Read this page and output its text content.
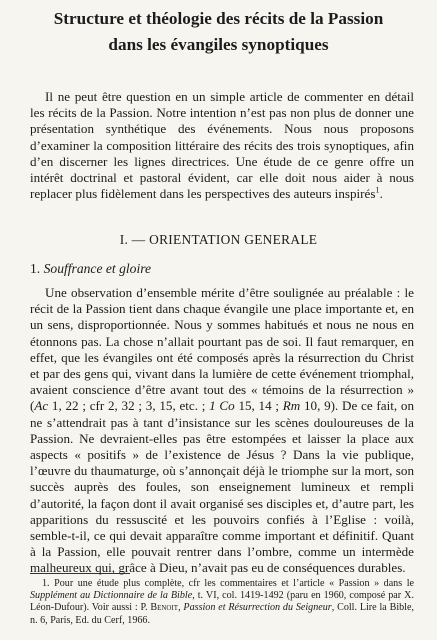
Structure et théologie des récits de la Passion
dans les évangiles synoptiques

Il ne peut être question en un simple article de commenter en détail les récits de la Passion. Notre intention n’est pas non plus de donner une présentation synthétique des événements. Nous nous proposons d’examiner la composition littéraire des récits des trois synoptiques, afin d’en discerner les lignes directrices. Une étude de ce genre offre un intérêt doctrinal et pastoral évident, car elle doit nous aider à nous replacer plus fidèlement dans les perspectives des auteurs inspirés$^1$.

I. — ORIENTATION GENERALE
1. Souffrance et gloire

Une observation d’ensemble mérite d’être soulignée au préalable : le récit de la Passion tient dans chaque évangile une place importante et, en un sens, disproportionnée. Nous y sommes habitués et nous ne nous en étonnons pas. La chose n’allait pourtant pas de soi. Il faut remarquer, en effet, que les évangiles ont été composés après la résurrection du Christ et par des gens qui, vivant dans la lumière de cette événement triomphal, avaient conscience d’être avant tout des « témoins de la résurrection » (Ac 1, 22 ; cfr 2, 32 ; 3, 15, etc. ; 1 Co 15, 14 ; Rm 10, 9). De ce fait, on ne s’attendrait pas à tant d’insistance sur les scènes douloureuses de la Passion. Ne devraient-elles pas être estompées et laisser la place aux aspects « positifs » de l’existence de Jésus ? Dans la vie publique, l’œuvre du thaumaturge, où s’annonçait déjà le triomphe sur la mort, son succès auprès des foules, son enseignement lumineux et rempli d’autorité, la façon dont il avait organisé ses disciples et, d’autre part, les apparitions du ressuscité et les pouvoirs confiés à l’Eglise : voilà, semble-t-il, ce qui devait apparaître comme important et définitif. Quant à la Passion, elle pouvait rentrer dans l’ombre, comme un intermède malheureux qui, grâce à Dieu, n’avait pas eu de conséquences durables.

1. Pour une étude plus complète, cfr les commentaires et l’article « Passion » dans le Supplément au Dictionnaire de la Bible, t. VI, col. 1419-1492 (paru en 1960, composé par X. Léon-Dufour). Voir aussi : P. Benoit, Passion et Résurrection du Seigneur, Coll. Lire la Bible, n. 6, Paris, Ed. du Cerf, 1966.
